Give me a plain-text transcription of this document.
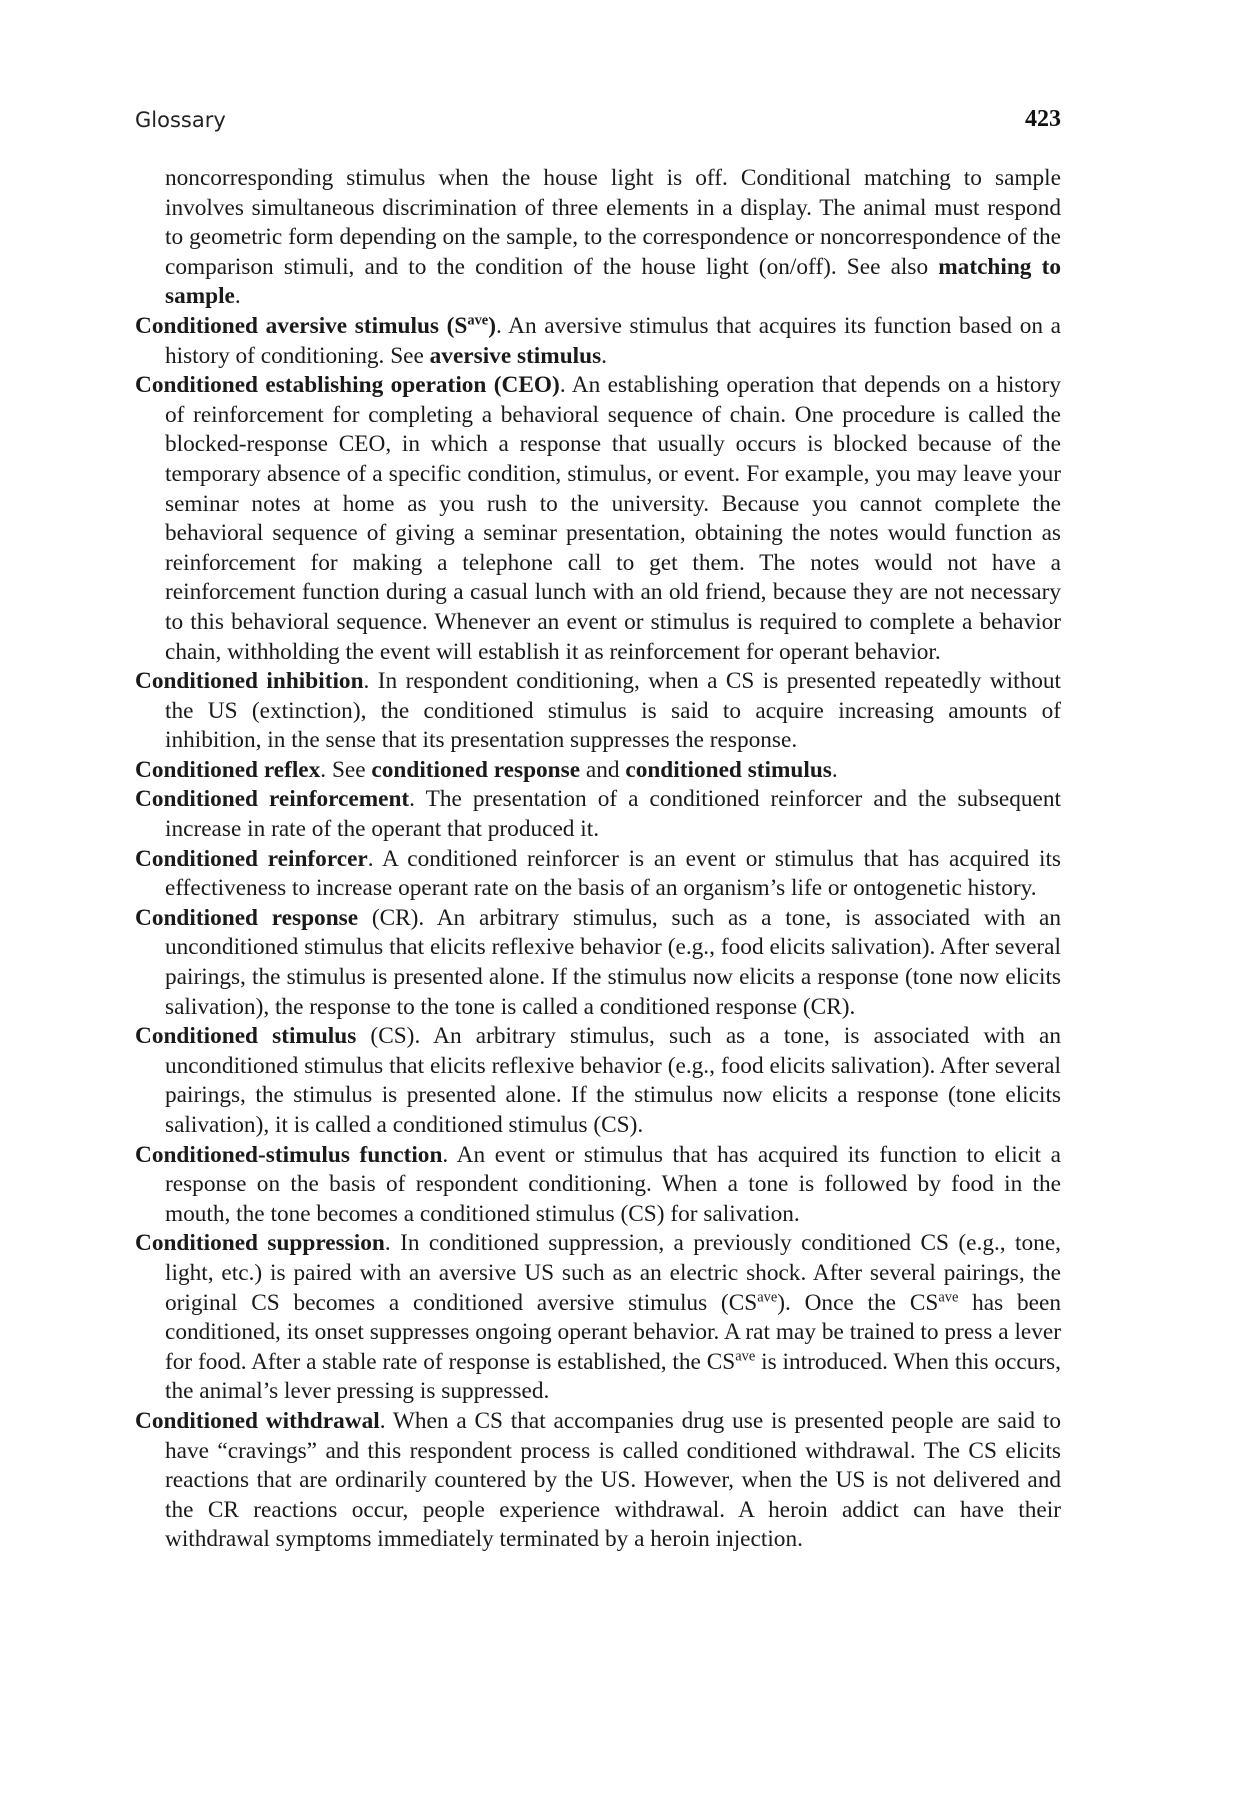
Glossary	423

noncorresponding stimulus when the house light is off. Conditional matching to sample involves simultaneous discrimination of three elements in a display. The animal must respond to geometric form depending on the sample, to the correspondence or noncorrespondence of the comparison stimuli, and to the condition of the house light (on/off). See also matching to sample.

Conditioned aversive stimulus $(S^{ave})$. An aversive stimulus that acquires its function based on a history of conditioning. See aversive stimulus.

Conditioned establishing operation (CEO). An establishing operation that depends on a history of reinforcement for completing a behavioral sequence of chain. One procedure is called the blocked-response CEO, in which a response that usually occurs is blocked because of the temporary absence of a specific condition, stimulus, or event. For example, you may leave your seminar notes at home as you rush to the university. Because you cannot complete the behavioral sequence of giving a seminar presentation, obtaining the notes would function as reinforcement for making a telephone call to get them. The notes would not have a reinforcement function during a casual lunch with an old friend, because they are not necessary to this behavioral sequence. Whenever an event or stimulus is required to complete a behavior chain, withholding the event will establish it as reinforcement for operant behavior.

Conditioned inhibition. In respondent conditioning, when a CS is presented repeatedly without the US (extinction), the conditioned stimulus is said to acquire increasing amounts of inhibition, in the sense that its presentation suppresses the response.

Conditioned reflex. See conditioned response and conditioned stimulus.

Conditioned reinforcement. The presentation of a conditioned reinforcer and the subsequent increase in rate of the operant that produced it.

Conditioned reinforcer. A conditioned reinforcer is an event or stimulus that has acquired its effectiveness to increase operant rate on the basis of an organism’s life or ontogenetic history.

Conditioned response (CR). An arbitrary stimulus, such as a tone, is associated with an unconditioned stimulus that elicits reflexive behavior (e.g., food elicits salivation). After several pairings, the stimulus is presented alone. If the stimulus now elicits a response (tone now elicits salivation), the response to the tone is called a conditioned response (CR).

Conditioned stimulus (CS). An arbitrary stimulus, such as a tone, is associated with an unconditioned stimulus that elicits reflexive behavior (e.g., food elicits salivation). After several pairings, the stimulus is presented alone. If the stimulus now elicits a response (tone elicits salivation), it is called a conditioned stimulus (CS).

Conditioned-stimulus function. An event or stimulus that has acquired its function to elicit a response on the basis of respondent conditioning. When a tone is followed by food in the mouth, the tone becomes a conditioned stimulus (CS) for salivation.

Conditioned suppression. In conditioned suppression, a previously conditioned CS (e.g., tone, light, etc.) is paired with an aversive US such as an electric shock. After several pairings, the original CS becomes a conditioned aversive stimulus $(CS^{ave})$. Once the $CS^{ave}$ has been conditioned, its onset suppresses ongoing operant behavior. A rat may be trained to press a lever for food. After a stable rate of response is established, the $CS^{ave}$ is introduced. When this occurs, the animal’s lever pressing is suppressed.

Conditioned withdrawal. When a CS that accompanies drug use is presented people are said to have “cravings” and this respondent process is called conditioned withdrawal. The CS elicits reactions that are ordinarily countered by the US. However, when the US is not delivered and the CR reactions occur, people experience withdrawal. A heroin addict can have their withdrawal symptoms immediately terminated by a heroin injection.
